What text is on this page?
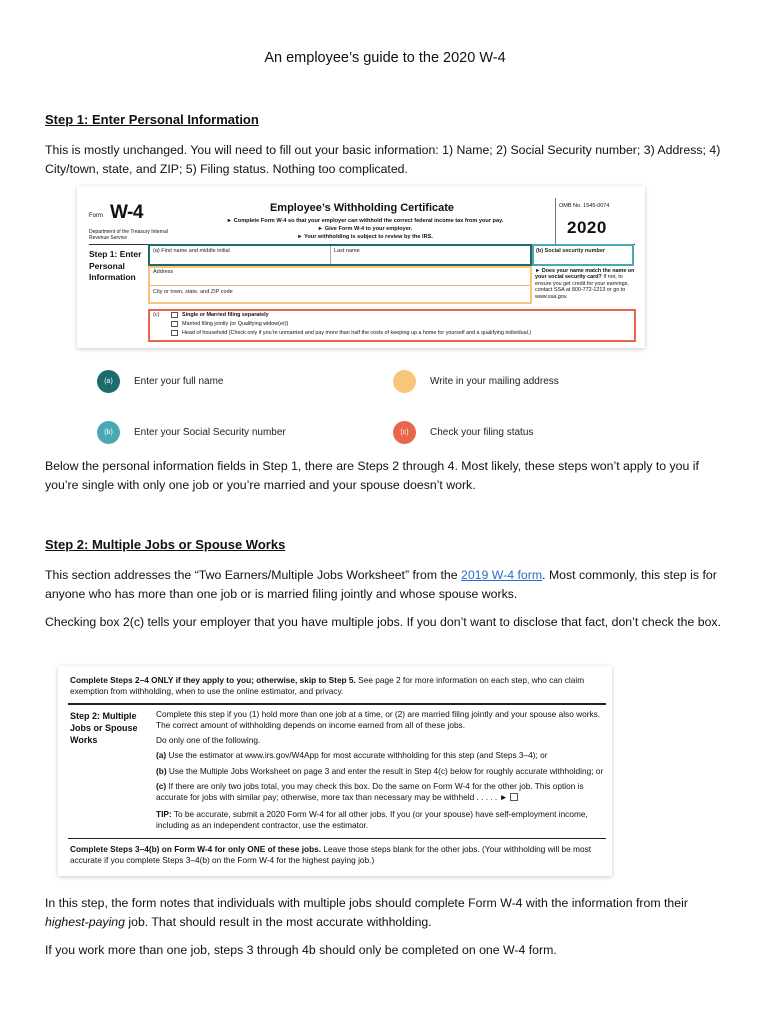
An employee’s guide to the 2020 W-4
Step 1: Enter Personal Information
This is mostly unchanged. You will need to fill out your basic information: 1) Name; 2) Social Security number; 3) Address; 4) City/town, state, and ZIP; 5) Filing status. Nothing too complicated.
Form W-4
Department of the Treasury Internal Revenue Service
Employee’s Withholding Certificate
► Complete Form W-4 so that your employer can withhold the correct federal income tax from your pay.
► Give Form W-4 to your employer.
► Your withholding is subject to review by the IRS.
OMB No. 1545-0074
2020
Step 1: Enter Personal Information
(a) First name and middle initial	Last name	(b) Social security number
Address
City or town, state, and ZIP code
► Does your name match the name on your social security card? If not, to ensure you get credit for your earnings, contact SSA at 800-772-1213 or go to www.ssa.gov.
(c)	Single or Married filing separately
Married filing jointly (or Qualifying widow(er))
Head of household (Check only if you’re unmarried and pay more than half the costs of keeping up a home for yourself and a qualifying individual.)
(a)	Enter your full name	Write in your mailing address
(b)	Enter your Social Security number	(c)	Check your filing status
Below the personal information fields in Step 1, there are Steps 2 through 4. Most likely, these steps won’t apply to you if you’re single with only one job or you’re married and your spouse doesn’t work.
Step 2: Multiple Jobs or Spouse Works
This section addresses the “Two Earners/Multiple Jobs Worksheet” from the 2019 W-4 form. Most commonly, this step is for anyone who has more than one job or is married filing jointly and whose spouse works.
Checking box 2(c) tells your employer that you have multiple jobs. If you don’t want to disclose that fact, don’t check the box.
Complete Steps 2–4 ONLY if they apply to you; otherwise, skip to Step 5. See page 2 for more information on each step, who can claim exemption from withholding, when to use the online estimator, and privacy.
Step 2: Multiple Jobs or Spouse Works
Complete this step if you (1) hold more than one job at a time, or (2) are married filing jointly and your spouse also works. The correct amount of withholding depends on income earned from all of these jobs.
Do only one of the following.
(a) Use the estimator at www.irs.gov/W4App for most accurate withholding for this step (and Steps 3–4); or
(b) Use the Multiple Jobs Worksheet on page 3 and enter the result in Step 4(c) below for roughly accurate withholding; or
(c) If there are only two jobs total, you may check this box. Do the same on Form W-4 for the other job. This option is accurate for jobs with similar pay; otherwise, more tax than necessary may be withheld . . . . . ►
TIP: To be accurate, submit a 2020 Form W-4 for all other jobs. If you (or your spouse) have self-employment income, including as an independent contractor, use the estimator.
Complete Steps 3–4(b) on Form W-4 for only ONE of these jobs. Leave those steps blank for the other jobs. (Your withholding will be most accurate if you complete Steps 3–4(b) on the Form W-4 for the highest paying job.)
In this step, the form notes that individuals with multiple jobs should complete Form W-4 with the information from their highest-paying job. That should result in the most accurate withholding.
If you work more than one job, steps 3 through 4b should only be completed on one W-4 form.
